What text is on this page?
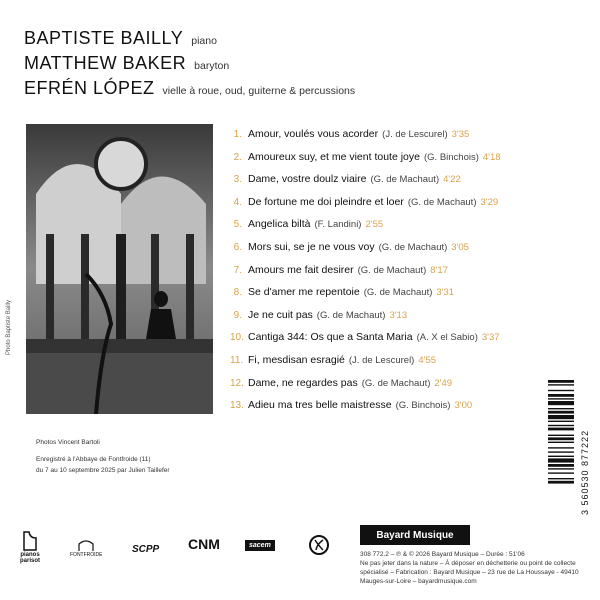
BAPTISTE BAILLY piano
MATTHEW BAKER baryton
EFRÉN LÓPEZ vielle à roue, oud, guiterne & percussions
Photo Baptiste Bailly
1. Amour, voulés vous acorder (J. de Lescurel) 3'35
2. Amoureux suy, et me vient toute joye (G. Binchois) 4'18
3. Dame, vostre doulz viaire (G. de Machaut) 4'22
4. De fortune me doi pleindre et loer (G. de Machaut) 3'29
5. Angelica biltà (F. Landini) 2'55
6. Mors sui, se je ne vous voy (G. de Machaut) 3'05
7. Amours me fait desirer (G. de Machaut) 8'17
8. Se d'amer me repentoie (G. de Machaut) 3'31
9. Je ne cuit pas (G. de Machaut) 3'13
10. Cantiga 344: Os que a Santa Maria (A. X el Sabio) 3'37
11. Fi, mesdisan esragié (J. de Lescurel) 4'55
12. Dame, ne regardes pas (G. de Machaut) 2'49
13. Adieu ma tres belle maistresse (G. Binchois) 3'00
Photos Vincent Bartoli
Enregistré à l'Abbaye de Fontfroide (11)
du 7 au 10 septembre 2025 par Julien Taillefer	3 560530 877222
Bayard Musique
308 772.2 – ℗ & © 2026 Bayard Musique – Durée : 51'06
Ne pas jeter dans la nature – À déposer en déchetterie ou point de collecte spécialisé – Fabrication : Bayard Musique – 23 rue de La Houssaye - 49410 Mauges-sur-Loire – bayardmusique.com
pianos
parisot
FONTFROIDE	SCPP CNM	sacem
